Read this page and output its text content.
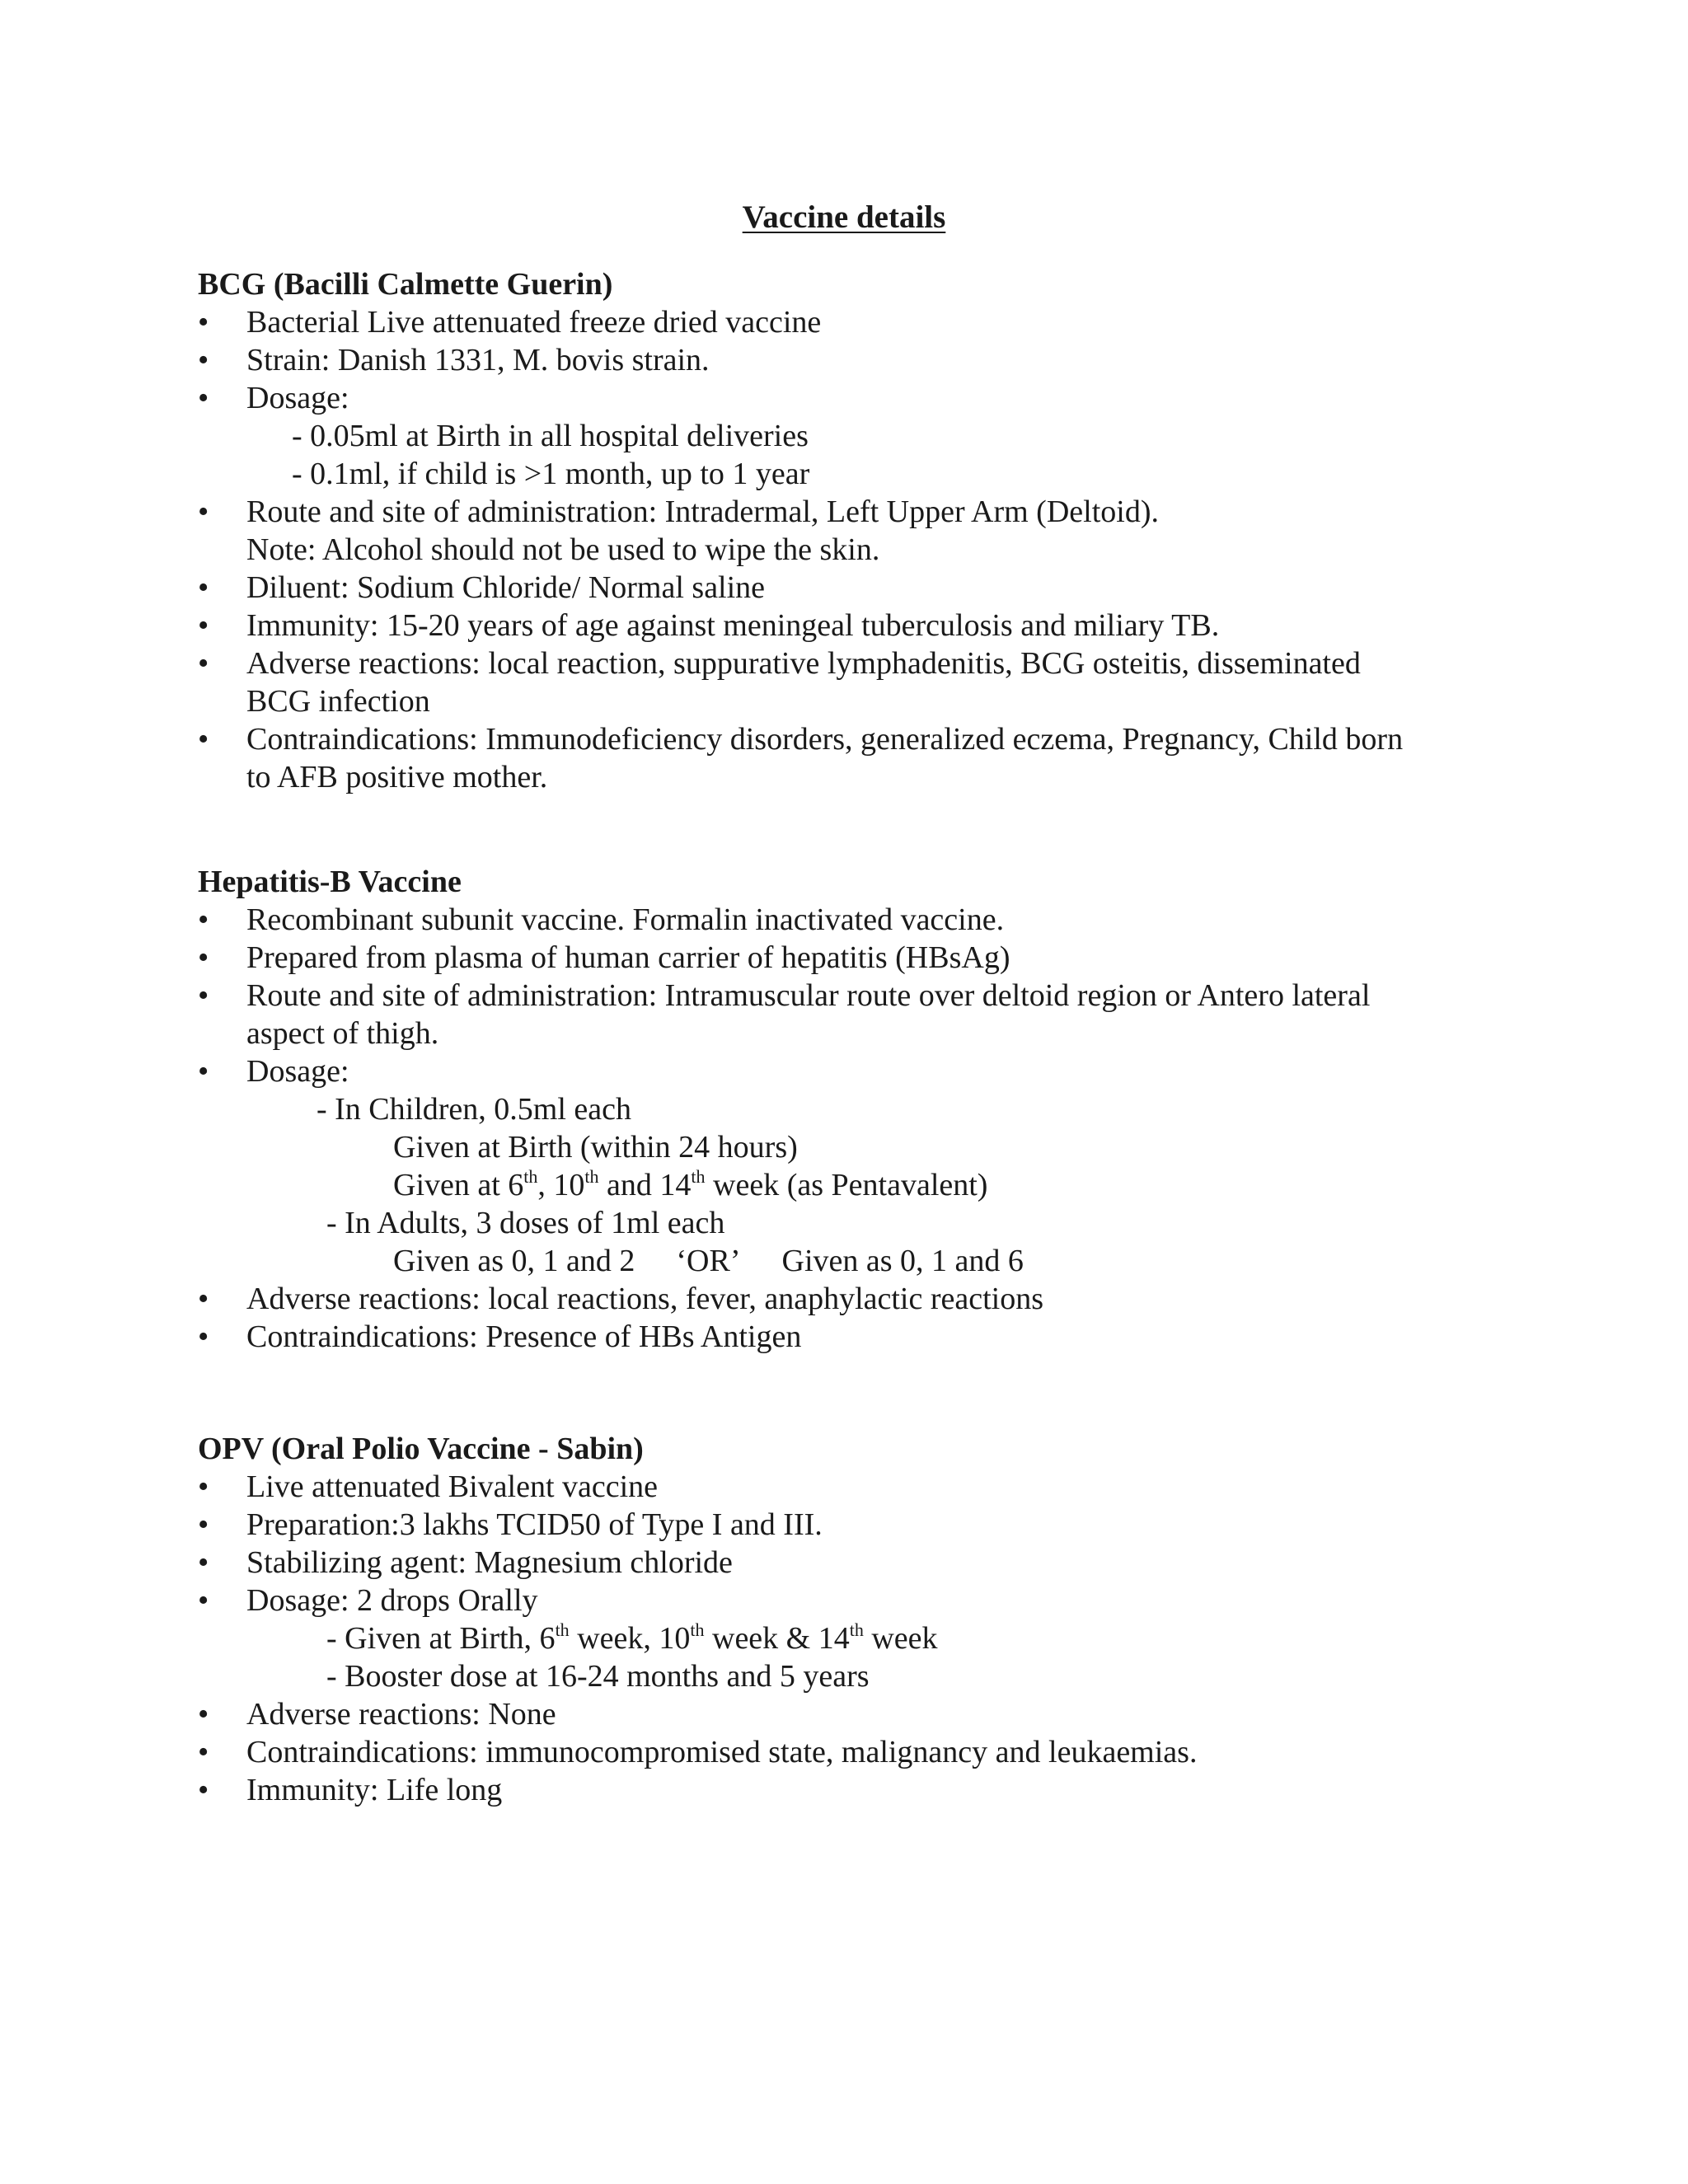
Vaccine details
BCG (Bacilli Calmette Guerin)
• Bacterial Live attenuated freeze dried vaccine
• Strain: Danish 1331, M. bovis strain.
• Dosage:
- 0.05ml at Birth in all hospital deliveries
- 0.1ml, if child is >1 month, up to 1 year
• Route and site of administration: Intradermal, Left Upper Arm (Deltoid).
Note: Alcohol should not be used to wipe the skin.
• Diluent: Sodium Chloride/ Normal saline
• Immunity: 15-20 years of age against meningeal tuberculosis and miliary TB.
• Adverse reactions: local reaction, suppurative lymphadenitis, BCG osteitis, disseminated
BCG infection
• Contraindications: Immunodeficiency disorders, generalized eczema, Pregnancy, Child born
to AFB positive mother.
Hepatitis-B Vaccine
• Recombinant subunit vaccine. Formalin inactivated vaccine.
• Prepared from plasma of human carrier of hepatitis (HBsAg)
• Route and site of administration: Intramuscular route over deltoid region or Antero lateral
aspect of thigh.
• Dosage:
- In Children, 0.5ml each
Given at Birth (within 24 hours)
Given at 6th, 10th and 14th week (as Pentavalent)
- In Adults, 3 doses of 1ml each
Given as 0, 1 and 2 ‘OR’ Given as 0, 1 and 6
• Adverse reactions: local reactions, fever, anaphylactic reactions
• Contraindications: Presence of HBs Antigen
OPV (Oral Polio Vaccine - Sabin)
• Live attenuated Bivalent vaccine
• Preparation:3 lakhs TCID50 of Type I and III.
• Stabilizing agent: Magnesium chloride
• Dosage: 2 drops Orally
- Given at Birth, 6th week, 10th week & 14th week
- Booster dose at 16-24 months and 5 years
• Adverse reactions: None
• Contraindications: immunocompromised state, malignancy and leukaemias.
• Immunity: Life long
